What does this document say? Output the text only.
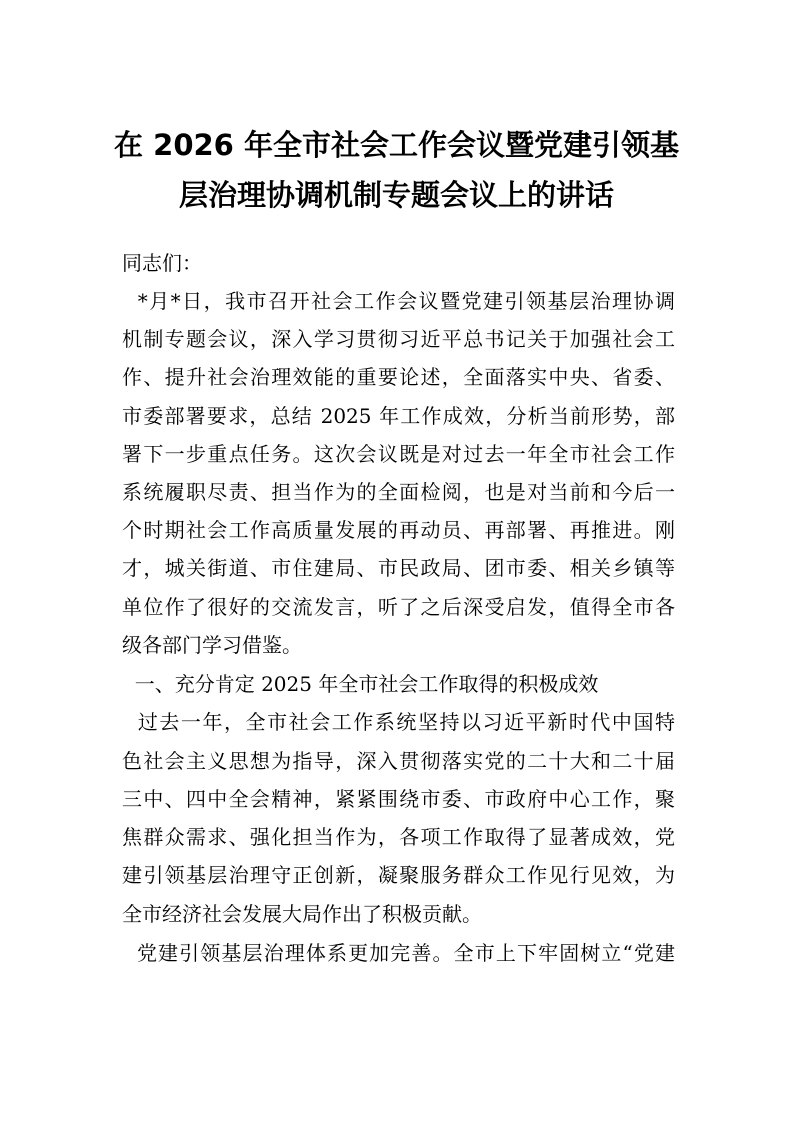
在 2026 年全市社会工作会议暨党建引领基
层治理协调机制专题会议上的讲话
同志们：
*月*日，我市召开社会工作会议暨党建引领基层治理协调
机制专题会议，深入学习贯彻习近平总书记关于加强社会工
作、提升社会治理效能的重要论述，全面落实中央、省委、
市委部署要求，总结 2025 年工作成效，分析当前形势，部
署下一步重点任务。这次会议既是对过去一年全市社会工作
系统履职尽责、担当作为的全面检阅，也是对当前和今后一
个时期社会工作高质量发展的再动员、再部署、再推进。刚
才，城关街道、市住建局、市民政局、团市委、相关乡镇等
单位作了很好的交流发言，听了之后深受启发，值得全市各
级各部门学习借鉴。
一、充分肯定 2025 年全市社会工作取得的积极成效
过去一年，全市社会工作系统坚持以习近平新时代中国特
色社会主义思想为指导，深入贯彻落实党的二十大和二十届
三中、四中全会精神，紧紧围绕市委、市政府中心工作，聚
焦群众需求、强化担当作为，各项工作取得了显著成效，党
建引领基层治理守正创新，凝聚服务群众工作见行见效，为
全市经济社会发展大局作出了积极贡献。
党建引领基层治理体系更加完善。全市上下牢固树立“党建
